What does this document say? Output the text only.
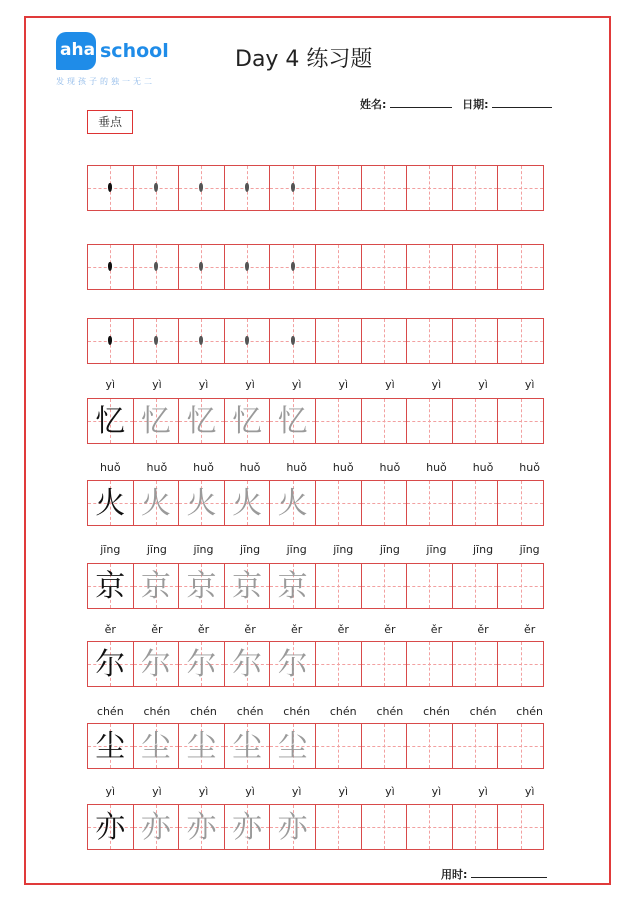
aha school
发现孩子的独一无二
Day 4 练习题
姓名:	日期:
垂点
yì	yì	yì	yì	yì	yì	yì	yì	yì	yì
忆 忆 忆 忆 忆
huǒ	huǒ	huǒ	huǒ	huǒ	huǒ	huǒ	huǒ	huǒ	huǒ
火 火 火 火 火
jīng	jīng	jīng	jīng	jīng	jīng	jīng	jīng	jīng	jīng
京 京 京 京 京
ěr	ěr	ěr	ěr	ěr	ěr	ěr	ěr	ěr	ěr
尔 尔 尔 尔 尔
chén	chén	chén	chén	chén	chén	chén	chén	chén	chén
尘 尘 尘 尘 尘
yì	yì	yì	yì	yì	yì	yì	yì	yì	yì
亦 亦 亦 亦 亦
用时:
